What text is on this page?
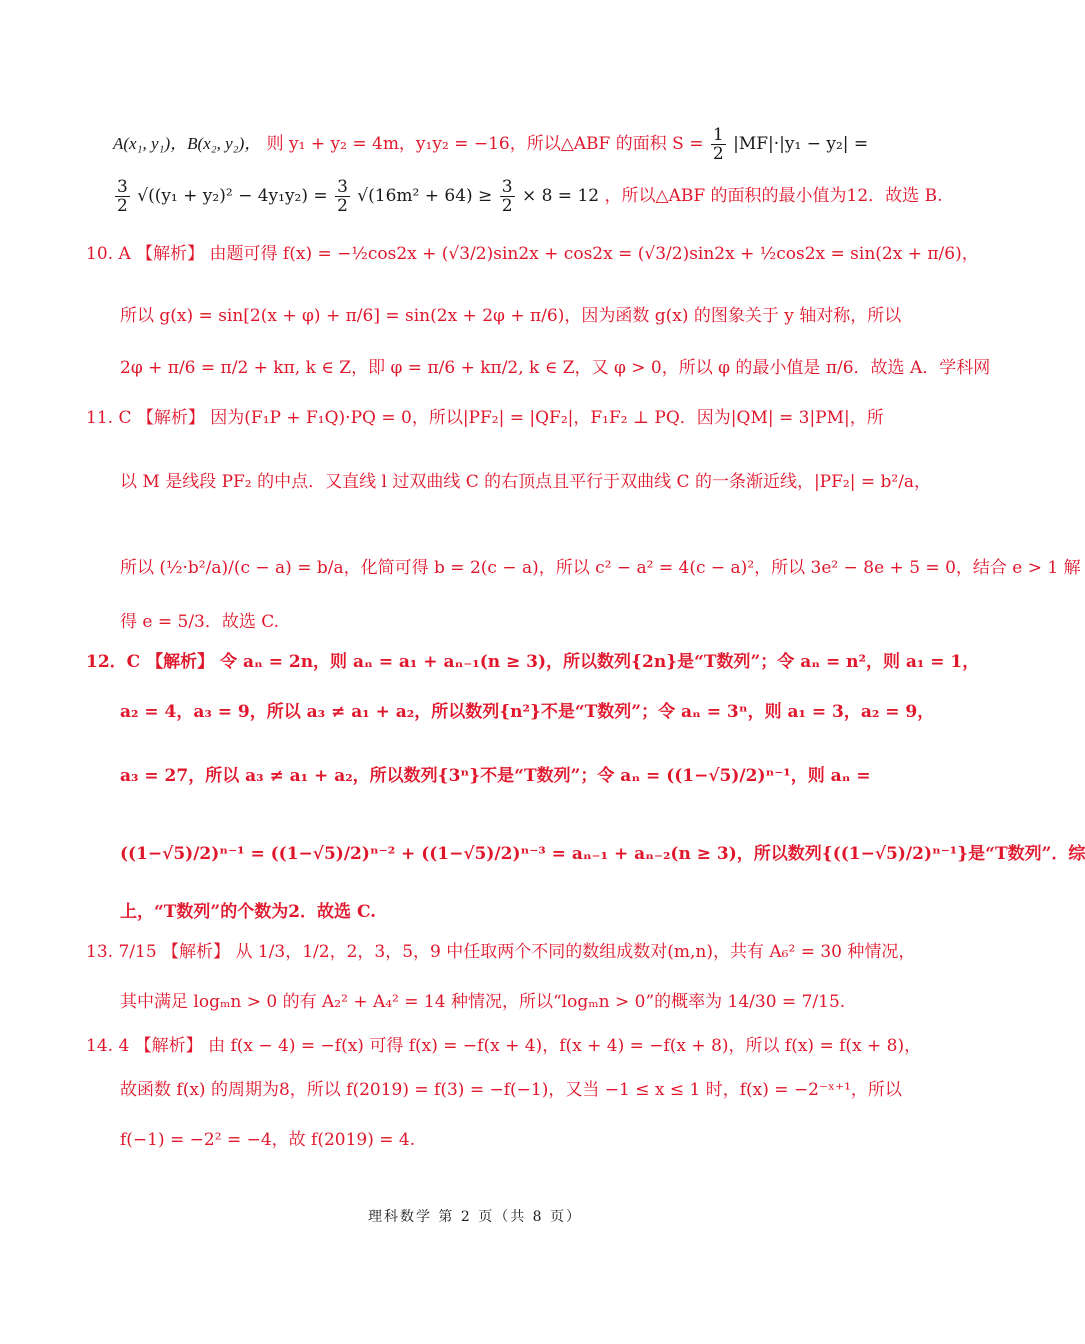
A(x₁, y₁)，B(x₂, y₂)， 则 y₁ + y₂ = 4m，y₁y₂ = −16，所以△ABF 的面积 $S = \frac{1}{2} |MF|\cdot|y_1 - y_2|$ =
$\frac{3}{2} √((y_1 + y_2)^2 - 4y_1y_2) = \frac{3}{2} √(16m^2 + 64) \ge \frac{3}{2} \times 8 = 12$ ，所以△ABF 的面积的最小值为12．故选 B.
10. A 【解析】 由题可得 f(x) = −½cos2x + (√3/2)sin2x + cos2x = (√3/2)sin2x + ½cos2x = sin(2x + π/6)，
所以 g(x) = sin[2(x + φ) + π/6] = sin(2x + 2φ + π/6)，因为函数 g(x) 的图象关于 y 轴对称，所以
2φ + π/6 = π/2 + kπ, k ∈ Z，即 φ = π/6 + kπ/2, k ∈ Z，又 φ > 0，所以 φ 的最小值是 π/6．故选 A．学科网
11. C 【解析】 因为(F₁P + F₁Q)·PQ = 0，所以|PF₂| = |QF₂|，F₁F₂ ⊥ PQ．因为|QM| = 3|PM|，所
以 M 是线段 PF₂ 的中点．又直线 l 过双曲线 C 的右顶点且平行于双曲线 C 的一条渐近线，|PF₂| = b²/a，
所以 (½·b²/a)/(c − a) = b/a，化简可得 b = 2(c − a)，所以 c² − a² = 4(c − a)²，所以 3e² − 8e + 5 = 0，结合 e > 1 解
得 e = 5/3．故选 C.
12．C 【解析】 令 aₙ = 2n，则 aₙ = a₁ + aₙ₋₁(n ≥ 3)，所以数列{2n}是“T数列”；令 aₙ = n²，则 a₁ = 1，
a₂ = 4，a₃ = 9，所以 a₃ ≠ a₁ + a₂，所以数列{n²}不是“T数列”；令 aₙ = 3ⁿ，则 a₁ = 3，a₂ = 9，
a₃ = 27，所以 a₃ ≠ a₁ + a₂，所以数列{3ⁿ}不是“T数列”；令 aₙ = ((1−√5)/2)ⁿ⁻¹，则 aₙ =
((1−√5)/2)ⁿ⁻¹ = ((1−√5)/2)ⁿ⁻² + ((1−√5)/2)ⁿ⁻³ = aₙ₋₁ + aₙ₋₂(n ≥ 3)，所以数列{((1−√5)/2)ⁿ⁻¹}是“T数列”．综
上，“T数列”的个数为2．故选 C.
13. 7/15 【解析】 从 1/3，1/2，2，3，5，9 中任取两个不同的数组成数对(m,n)，共有 A₆² = 30 种情况，
其中满足 logₘn > 0 的有 A₂² + A₄² = 14 种情况，所以“logₘn > 0”的概率为 14/30 = 7/15.
14. 4 【解析】 由 f(x − 4) = −f(x) 可得 f(x) = −f(x + 4)，f(x + 4) = −f(x + 8)，所以 f(x) = f(x + 8)，
故函数 f(x) 的周期为8，所以 f(2019) = f(3) = −f(−1)，又当 −1 ≤ x ≤ 1 时，f(x) = −2⁻ˣ⁺¹，所以
f(−1) = −2² = −4，故 f(2019) = 4.
理科数学 第 2 页（共 8 页）
